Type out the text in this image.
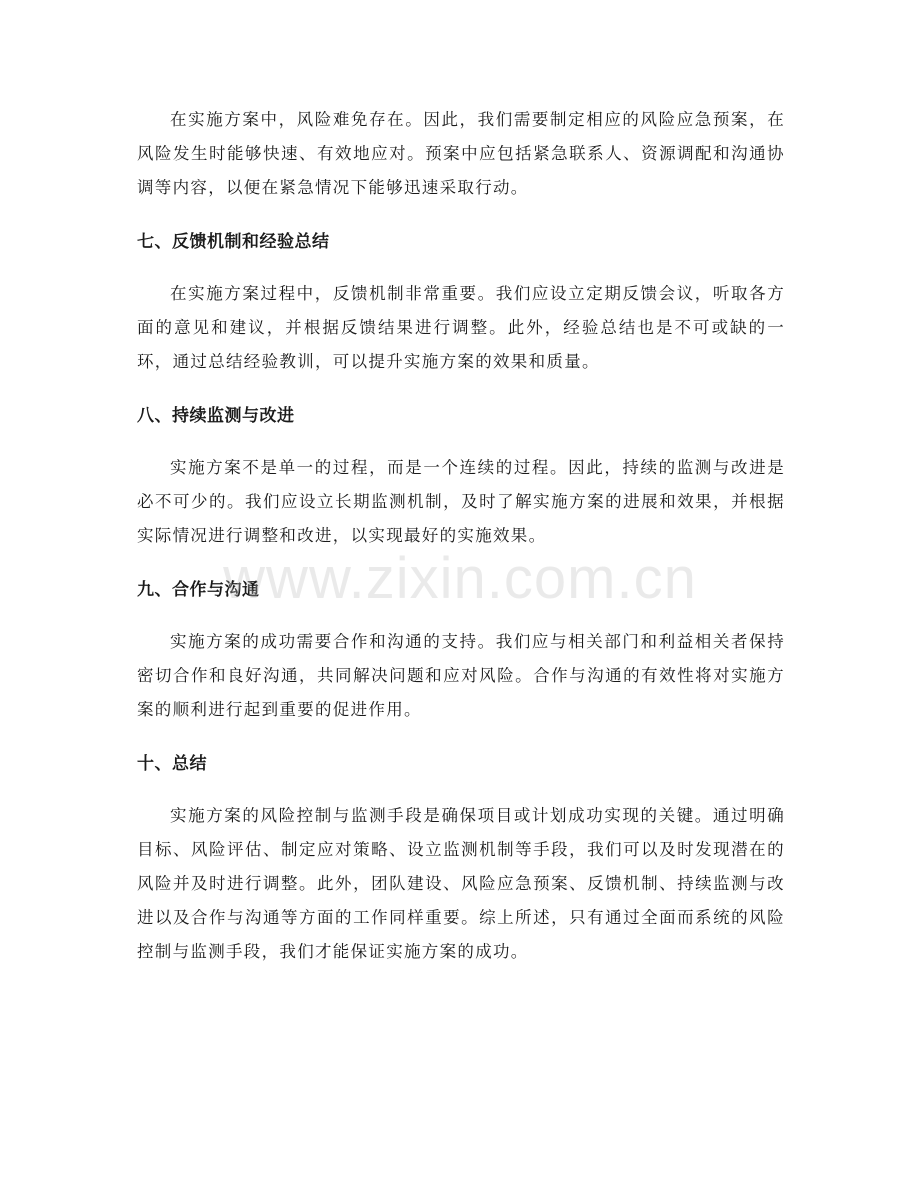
在实施方案中，风险难免存在。因此，我们需要制定相应的风险应急预案，在风险发生时能够快速、有效地应对。预案中应包括紧急联系人、资源调配和沟通协调等内容，以便在紧急情况下能够迅速采取行动。

七、反馈机制和经验总结

在实施方案过程中，反馈机制非常重要。我们应设立定期反馈会议，听取各方面的意见和建议，并根据反馈结果进行调整。此外，经验总结也是不可或缺的一环，通过总结经验教训，可以提升实施方案的效果和质量。

八、持续监测与改进

实施方案不是单一的过程，而是一个连续的过程。因此，持续的监测与改进是必不可少的。我们应设立长期监测机制，及时了解实施方案的进展和效果，并根据实际情况进行调整和改进，以实现最好的实施效果。

九、合作与沟通

实施方案的成功需要合作和沟通的支持。我们应与相关部门和利益相关者保持密切合作和良好沟通，共同解决问题和应对风险。合作与沟通的有效性将对实施方案的顺利进行起到重要的促进作用。

十、总结

实施方案的风险控制与监测手段是确保项目或计划成功实现的关键。通过明确目标、风险评估、制定应对策略、设立监测机制等手段，我们可以及时发现潜在的风险并及时进行调整。此外，团队建设、风险应急预案、反馈机制、持续监测与改进以及合作与沟通等方面的工作同样重要。综上所述，只有通过全面而系统的风险控制与监测手段，我们才能保证实施方案的成功。

www.zixin.com.cn
